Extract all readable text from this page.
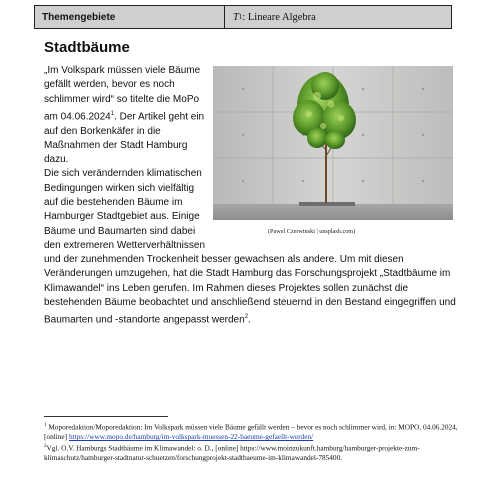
Themengebiete	T 1 : Lineare Algebra
Stadtbäume
(Pawel Czerwinski | unsplash.com)

„Im Volkspark müssen viele Bäume
gefällt werden, bevor es noch
schlimmer wird“ so titelte die MoPo
am 04.06.2024$^1$. Der Artikel geht ein
auf den Borkenkäfer in die
Maßnahmen der Stadt Hamburg
dazu.

Die sich verändernden klimatischen
Bedingungen wirken sich vielfältig
auf die bestehenden Bäume im
Hamburger Stadtgebiet aus. Einige
Bäume und Baumarten sind dabei
den extremeren Wetterverhältnissen
und der zunehmenden Trockenheit besser gewachsen als andere. Um mit diesen
Veränderungen umzugehen, hat die Stadt Hamburg das Forschungsprojekt „Stadtbäume im
Klimawandel“ ins Leben gerufen. Im Rahmen dieses Projektes sollen zunächst die
bestehenden Bäume beobachtet und anschließend steuernd in den Bestand eingegriffen und
Baumarten und -standorte angepasst werden$^2$.

$^1$ Moporedaktion/Moporedaktion: Im Volkspark müssen viele Bäume gefällt werden – bevor es noch schlimmer wird, in: MOPO, 04.06.2024, [online] https://www.mopo.de/hamburg/im-volkspark-muessen-22-baeume-gefaellt-werden/

$^2$Vgl. O.V. Hamburgs Stadtbäume im Klimawandel: o. D., [online] https://www.moinzukunft.hamburg/hamburger-projekte-zum-klimaschutz/hamburger-stadtnatur-schuetzen/forschungprojekt-stadtbaeume-im-klimawandel-785400.
